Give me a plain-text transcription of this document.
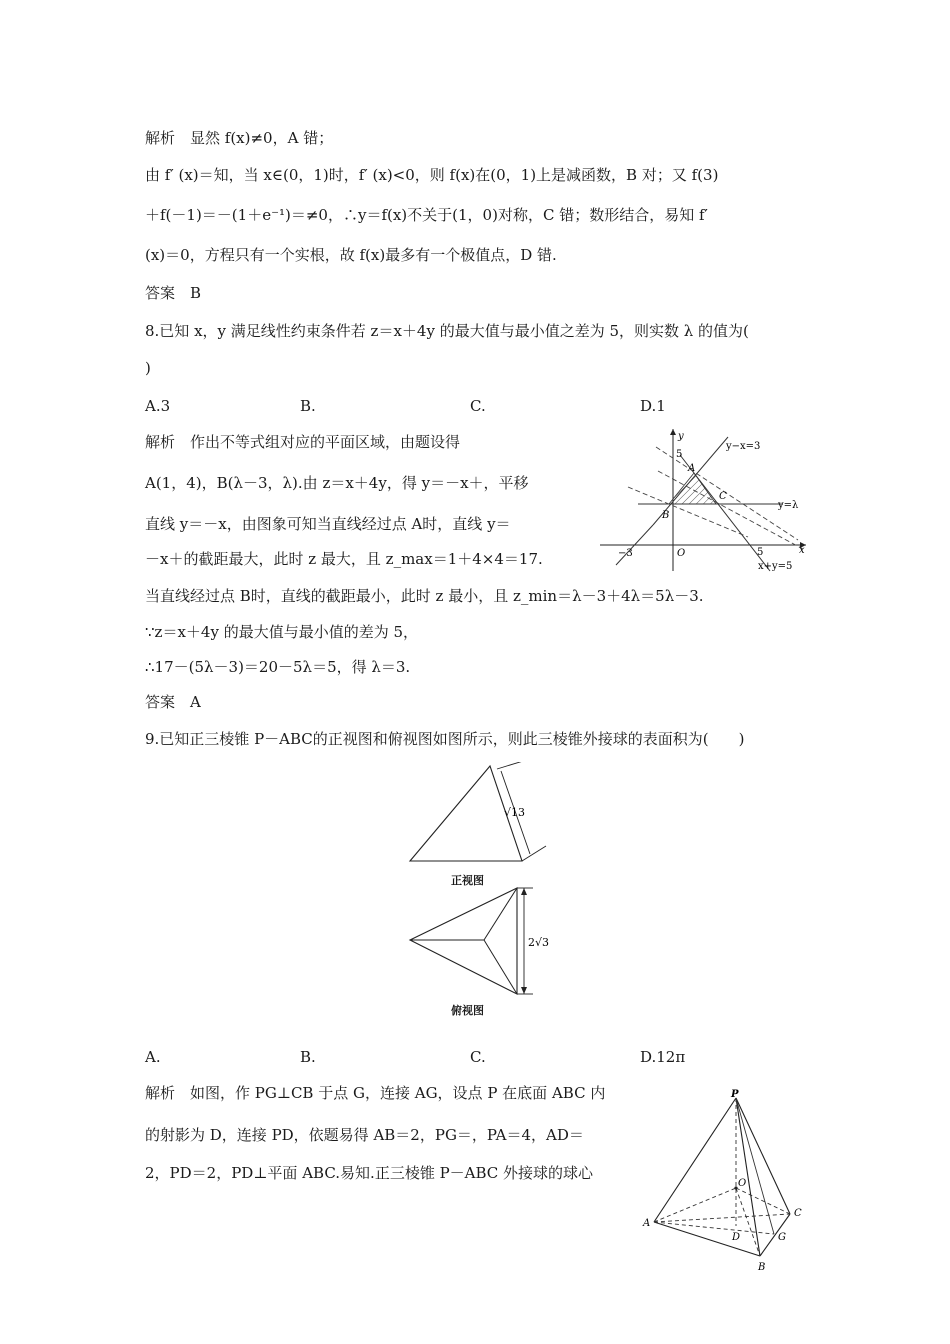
解析　显然 f(x)≠0，A 错；
由 f′ (x)＝知，当 x∈(0，1)时，f′ (x)<0，则 f(x)在(0，1)上是减函数，B 对；又 f(3)
＋f(－1)＝－(1＋e⁻¹)＝≠0，∴y＝f(x)不关于(1，0)对称，C 错；数形结合，易知 f′
(x)＝0，方程只有一个实根，故 f(x)最多有一个极值点，D 错.
答案　B
8.已知 x，y 满足线性约束条件若 z＝x＋4y 的最大值与最小值之差为 5，则实数 λ 的值为(
)
A.3	B.	C.	D.1
解析　作出不等式组对应的平面区域，由题设得
A(1，4)，B(λ－3，λ).由 z＝x＋4y，得 y＝－x＋，平移
直线 y＝－x，由图象可知当直线经过点 A时，直线 y＝
－x＋的截距最大，此时 z 最大，且 z_max＝1＋4×4＝17.
当直线经过点 B时，直线的截距最小，此时 z 最小，且 z_min＝λ－3＋4λ＝5λ－3.
∵z＝x＋4y 的最大值与最小值的差为 5，
∴17－(5λ－3)＝20－5λ＝5，得 λ＝3.
答案　A
9.已知正三棱锥 P－ABC的正视图和俯视图如图所示，则此三棱锥外接球的表面积为(　　)
y
x
5
y−x=3
A
C
B
y=λ
−3	O	5
x+y=5
√13
正视图
2√3
俯视图
A.	B.	C.	D.12π
解析　如图，作 PG⊥CB 于点 G，连接 AG，设点 P 在底面 ABC 内
的射影为 D，连接 PD，依题易得 AB＝2，PG＝，PA＝4，AD＝
2，PD＝2，PD⊥平面 ABC.易知.正三棱锥 P－ABC 外接球的球心
P
O
C
A
D	G
B
